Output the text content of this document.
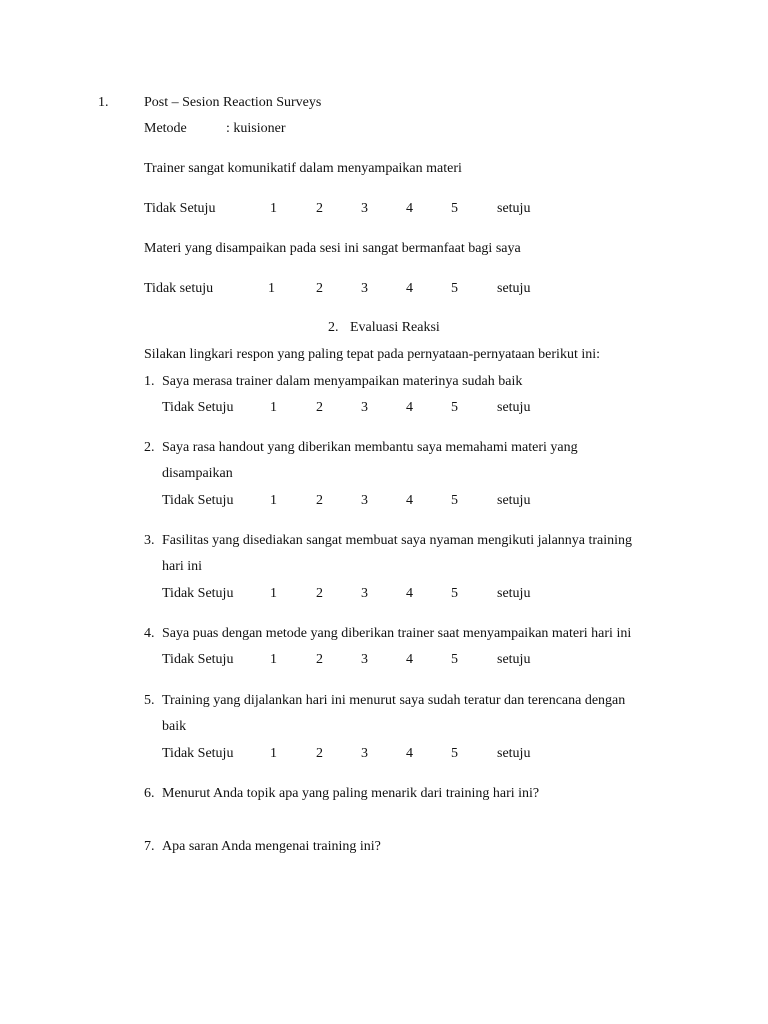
1.	Post – Sesion Reaction Surveys
Metode	: kuisioner
Trainer sangat komunikatif dalam menyampaikan materi
Tidak Setuju	1	2	3	4	5	setuju
Materi yang disampaikan pada sesi ini sangat bermanfaat bagi saya
Tidak setuju	1	2	3	4	5	setuju
2. Evaluasi Reaksi
Silakan lingkari respon yang paling tepat pada pernyataan-pernyataan berikut ini:
1. Saya merasa trainer dalam menyampaikan materinya sudah baik
Tidak Setuju	1	2	3	4	5	setuju
2. Saya rasa handout yang diberikan membantu saya memahami materi yang
disampaikan
Tidak Setuju	1	2	3	4	5	setuju
3. Fasilitas yang disediakan sangat membuat saya nyaman mengikuti jalannya training
hari ini
Tidak Setuju	1	2	3	4	5	setuju
4. Saya puas dengan metode yang diberikan trainer saat menyampaikan materi hari ini
Tidak Setuju	1	2	3	4	5	setuju
5. Training yang dijalankan hari ini menurut saya sudah teratur dan terencana dengan
baik
Tidak Setuju	1	2	3	4	5	setuju
6. Menurut Anda topik apa yang paling menarik dari training hari ini?
7. Apa saran Anda mengenai training ini?
